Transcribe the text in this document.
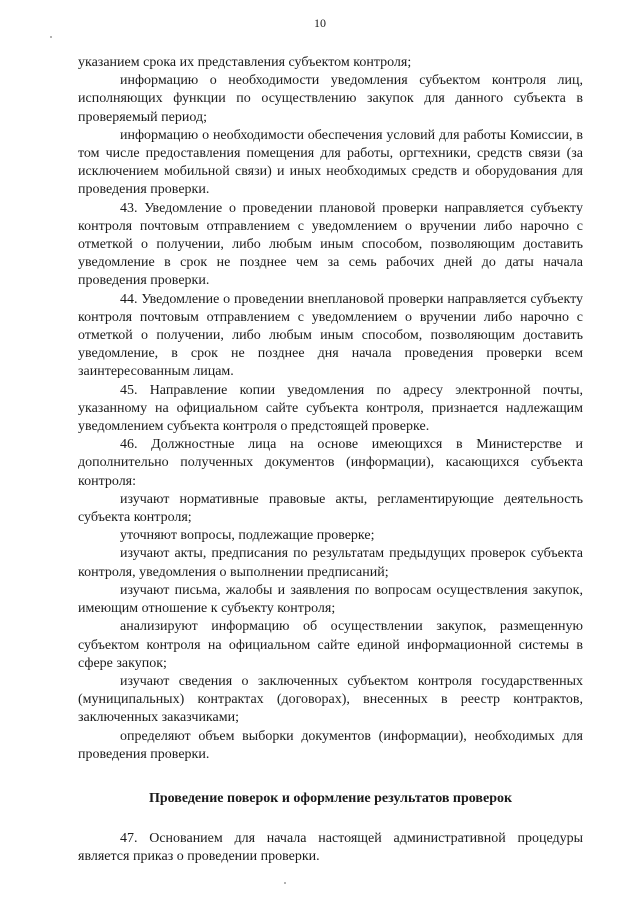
10

указанием срока их представления субъектом контроля;

информацию о необходимости уведомления субъектом контроля лиц, исполняющих функции по осуществлению закупок для данного субъекта в проверяемый период;

информацию о необходимости обеспечения условий для работы Комиссии, в том числе предоставления помещения для работы, оргтехники, средств связи (за исключением мобильной связи) и иных необходимых средств и оборудования для проведения проверки.

43. Уведомление о проведении плановой проверки направляется субъекту контроля почтовым отправлением с уведомлением о вручении либо нарочно с отметкой о получении, либо любым иным способом, позволяющим доставить уведомление в срок не позднее чем за семь рабочих дней до даты начала проведения проверки.

44. Уведомление о проведении внеплановой проверки направляется субъекту контроля почтовым отправлением с уведомлением о вручении либо нарочно с отметкой о получении, либо любым иным способом, позволяющим доставить уведомление, в срок не позднее дня начала проведения проверки всем заинтересованным лицам.

45. Направление копии уведомления по адресу электронной почты, указанному на официальном сайте субъекта контроля, признается надлежащим уведомлением субъекта контроля о предстоящей проверке.

46. Должностные лица на основе имеющихся в Министерстве и дополнительно полученных документов (информации), касающихся субъекта контроля:

изучают нормативные правовые акты, регламентирующие деятельность субъекта контроля;

уточняют вопросы, подлежащие проверке;

изучают акты, предписания по результатам предыдущих проверок субъекта контроля, уведомления о выполнении предписаний;

изучают письма, жалобы и заявления по вопросам осуществления закупок, имеющим отношение к субъекту контроля;

анализируют информацию об осуществлении закупок, размещенную субъектом контроля на официальном сайте единой информационной системы в сфере закупок;

изучают сведения о заключенных субъектом контроля государственных (муниципальных) контрактах (договорах), внесенных в реестр контрактов, заключенных заказчиками;

определяют объем выборки документов (информации), необходимых для проведения проверки.

Проведение поверок и оформление результатов проверок

47. Основанием для начала настоящей административной процедуры является приказ о проведении проверки.
